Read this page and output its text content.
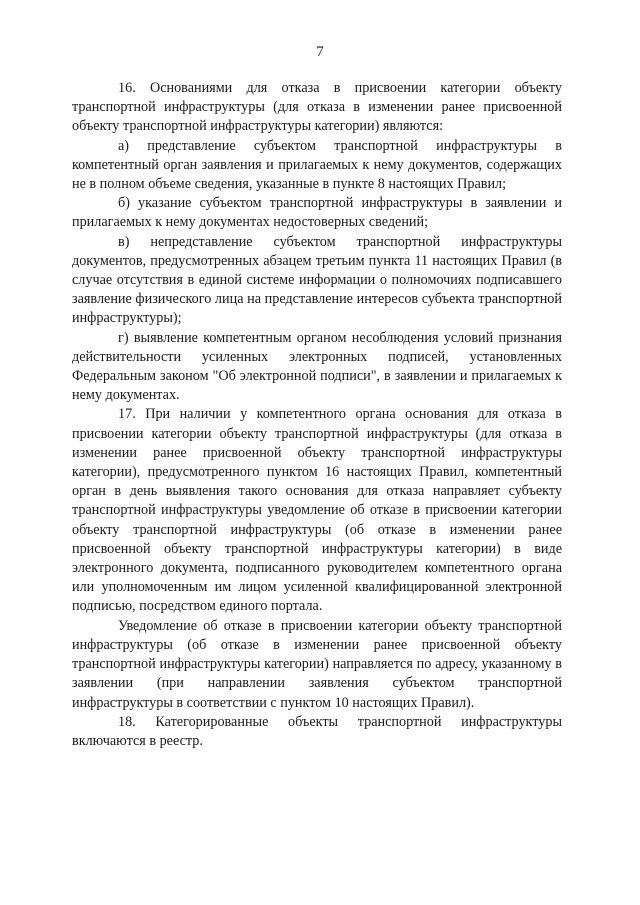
7

16. Основаниями для отказа в присвоении категории объекту транспортной инфраструктуры (для отказа в изменении ранее присвоенной объекту транспортной инфраструктуры категории) являются:

а) представление субъектом транспортной инфраструктуры в компетентный орган заявления и прилагаемых к нему документов, содержащих не в полном объеме сведения, указанные в пункте 8 настоящих Правил;

б) указание субъектом транспортной инфраструктуры в заявлении и прилагаемых к нему документах недостоверных сведений;

в) непредставление субъектом транспортной инфраструктуры документов, предусмотренных абзацем третьим пункта 11 настоящих Правил (в случае отсутствия в единой системе информации о полномочиях подписавшего заявление физического лица на представление интересов субъекта транспортной инфраструктуры);

г) выявление компетентным органом несоблюдения условий признания действительности усиленных электронных подписей, установленных Федеральным законом "Об электронной подписи", в заявлении и прилагаемых к нему документах.

17. При наличии у компетентного органа основания для отказа в присвоении категории объекту транспортной инфраструктуры (для отказа в изменении ранее присвоенной объекту транспортной инфраструктуры категории), предусмотренного пунктом 16 настоящих Правил, компетентный орган в день выявления такого основания для отказа направляет субъекту транспортной инфраструктуры уведомление об отказе в присвоении категории объекту транспортной инфраструктуры (об отказе в изменении ранее присвоенной объекту транспортной инфраструктуры категории) в виде электронного документа, подписанного руководителем компетентного органа или уполномоченным им лицом усиленной квалифицированной электронной подписью, посредством единого портала.

Уведомление об отказе в присвоении категории объекту транспортной инфраструктуры (об отказе в изменении ранее присвоенной объекту транспортной инфраструктуры категории) направляется по адресу, указанному в заявлении (при направлении заявления субъектом транспортной инфраструктуры в соответствии с пунктом 10 настоящих Правил).

18. Категорированные объекты транспортной инфраструктуры включаются в реестр.
